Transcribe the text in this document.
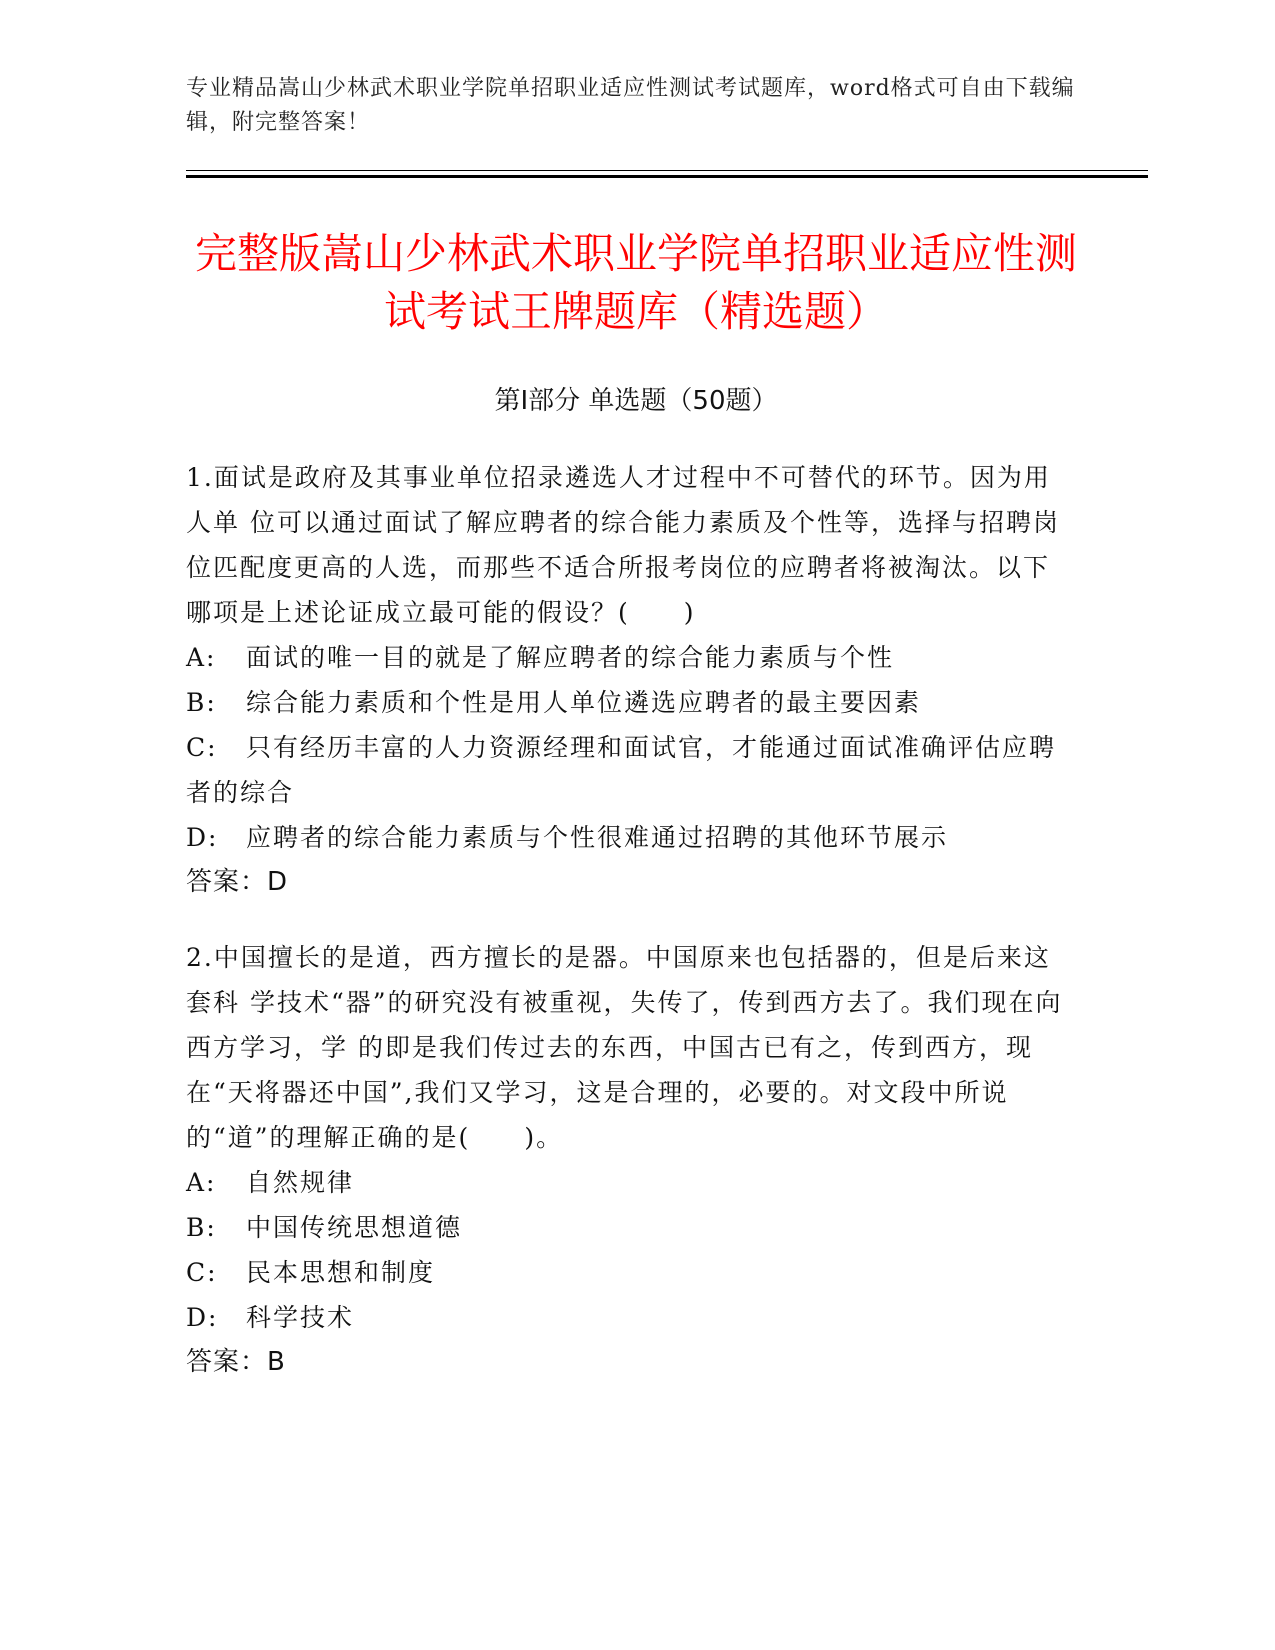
专业精品嵩山少林武术职业学院单招职业适应性测试考试题库，word格式可自由下载编辑，附完整答案！
完整版嵩山少林武术职业学院单招职业适应性测试考试王牌题库（精选题）
第Ⅰ部分 单选题（50题）

1.面试是政府及其事业单位招录遴选人才过程中不可替代的环节。因为用人单 位可以通过面试了解应聘者的综合能力素质及个性等，选择与招聘岗位匹配度更高的人选，而那些不适合所报考岗位的应聘者将被淘汰。以下哪项是上述论证成立最可能的假设？(　　)

A: 面试的唯一目的就是了解应聘者的综合能力素质与个性

B: 综合能力素质和个性是用人单位遴选应聘者的最主要因素

C: 只有经历丰富的人力资源经理和面试官，才能通过面试准确评估应聘者的综合

D: 应聘者的综合能力素质与个性很难通过招聘的其他环节展示

答案：D

2.中国擅长的是道，西方擅长的是器。中国原来也包括器的，但是后来这套科 学技术“器”的研究没有被重视，失传了，传到西方去了。我们现在向西方学习，学 的即是我们传过去的东西，中国古已有之，传到西方，现在“天将器还中国”,我们又学习，这是合理的，必要的。对文段中所说的“道”的理解正确的是(　　)。

A: 自然规律

B: 中国传统思想道德

C: 民本思想和制度

D: 科学技术

答案：B
